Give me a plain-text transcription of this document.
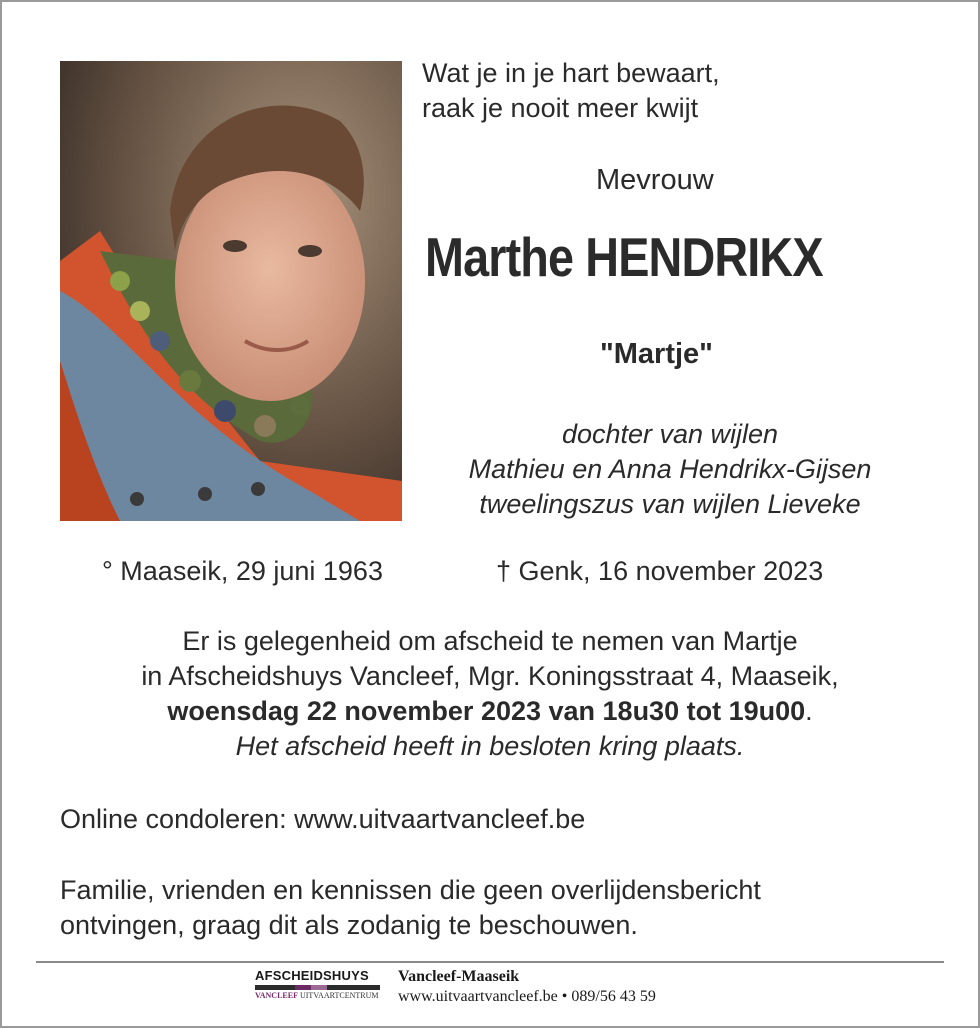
Wat je in je hart bewaart,
raak je nooit meer kwijt
Mevrouw
Marthe HENDRIKX
"Martje"
dochter van wijlen
Mathieu en Anna Hendrikx-Gijsen
tweelingszus van wijlen Lieveke
° Maaseik, 29 juni 1963	† Genk, 16 november 2023
Er is gelegenheid om afscheid te nemen van Martje
in Afscheidshuys Vancleef, Mgr. Koningsstraat 4, Maaseik,
woensdag 22 november 2023 van 18u30 tot 19u00.
Het afscheid heeft in besloten kring plaats.
Online condoleren: www.uitvaartvancleef.be
Familie, vrienden en kennissen die geen overlijdensbericht
ontvingen, graag dit als zodanig te beschouwen.
AFSCHEIDSHUYS
VANCLEEF UITVAARTCENTRUM
Vancleef-Maaseik
www.uitvaartvancleef.be • 089/56 43 59
